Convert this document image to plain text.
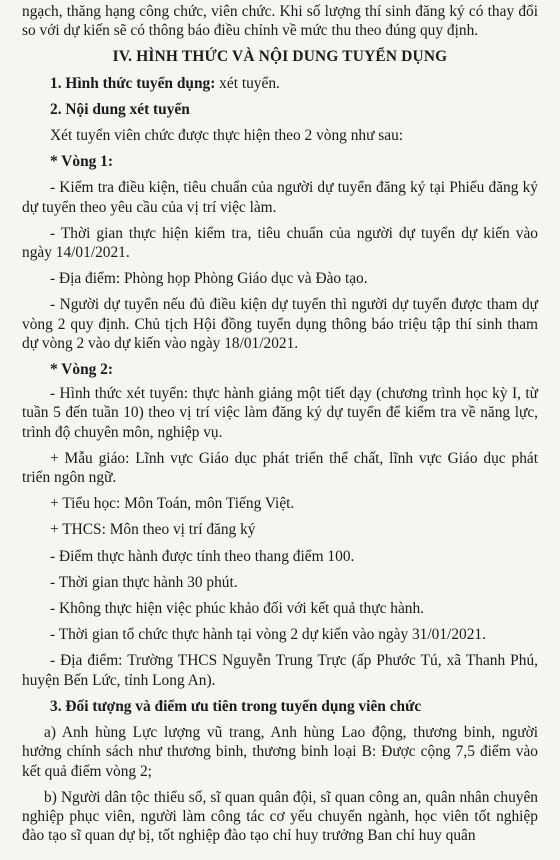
ngạch, thăng hạng công chức, viên chức. Khi số lượng thí sinh đăng ký có thay đổi so với dự kiến sẽ có thông báo điều chỉnh về mức thu theo đúng quy định.

IV. HÌNH THỨC VÀ NỘI DUNG TUYỂN DỤNG

1. Hình thức tuyển dụng: xét tuyển.

2. Nội dung xét tuyển

Xét tuyển viên chức được thực hiện theo 2 vòng như sau:

* Vòng 1:

- Kiểm tra điều kiện, tiêu chuẩn của người dự tuyển đăng ký tại Phiếu đăng ký dự tuyển theo yêu cầu của vị trí việc làm.

- Thời gian thực hiện kiểm tra, tiêu chuẩn của người dự tuyển dự kiến vào ngày 14/01/2021.

- Địa điểm: Phòng họp Phòng Giáo dục và Đào tạo.

- Người dự tuyển nếu đủ điều kiện dự tuyển thì người dự tuyển được tham dự vòng 2 quy định. Chủ tịch Hội đồng tuyển dụng thông báo triệu tập thí sinh tham dự vòng 2 vào dự kiến vào ngày 18/01/2021.

* Vòng 2:

- Hình thức xét tuyển: thực hành giảng một tiết dạy (chương trình học kỳ I, từ tuần 5 đến tuần 10) theo vị trí việc làm đăng ký dự tuyển để kiểm tra về năng lực, trình độ chuyên môn, nghiệp vụ.

+ Mẫu giáo: Lĩnh vực Giáo dục phát triển thể chất, lĩnh vực Giáo dục phát triển ngôn ngữ.

+ Tiểu học: Môn Toán, môn Tiếng Việt.

+ THCS: Môn theo vị trí đăng ký

- Điểm thực hành được tính theo thang điểm 100.

- Thời gian thực hành 30 phút.

- Không thực hiện việc phúc khảo đối với kết quả thực hành.

- Thời gian tổ chức thực hành tại vòng 2 dự kiến vào ngày 31/01/2021.

- Địa điểm: Trường THCS Nguyễn Trung Trực (ấp Phước Tú, xã Thanh Phú, huyện Bến Lức, tỉnh Long An).

3. Đối tượng và điểm ưu tiên trong tuyển dụng viên chức

a) Anh hùng Lực lượng vũ trang, Anh hùng Lao động, thương binh, người hưởng chính sách như thương binh, thương binh loại B: Được cộng 7,5 điểm vào kết quả điểm vòng 2;

b) Người dân tộc thiểu số, sĩ quan quân đội, sĩ quan công an, quân nhân chuyên nghiệp phục viên, người làm công tác cơ yếu chuyển ngành, học viên tốt nghiệp đào tạo sĩ quan dự bị, tốt nghiệp đào tạo chỉ huy trưởng Ban chỉ huy quân
